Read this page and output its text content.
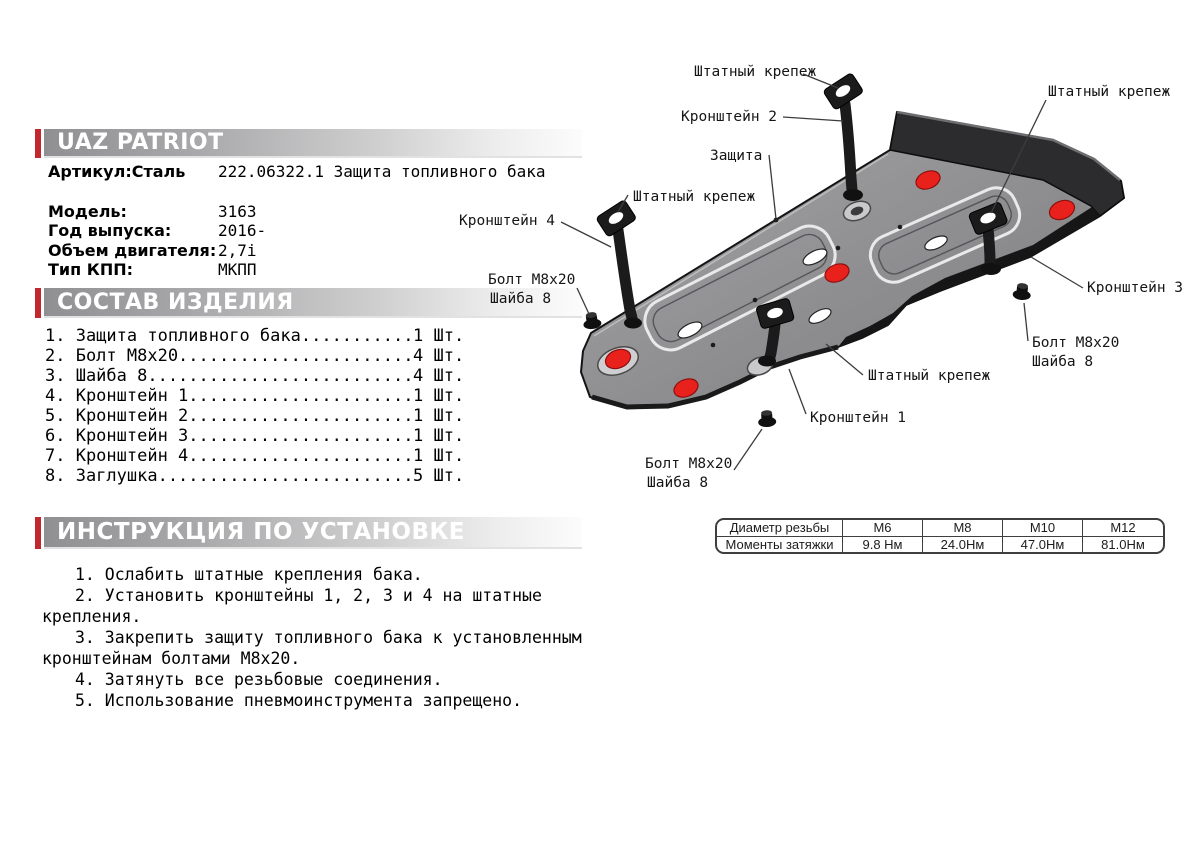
UAZ PATRIOT
Артикул:Сталь 222.06322.1 Защита топливного бака
Модель:	3163
Год выпуска:	2016-
Объем двигателя: 2,7i
Тип КПП:	МКПП
СОСТАВ ИЗДЕЛИЯ
1. Защита топливного бака........... 1 Шт.
2. Болт М8х20....................... 4 Шт.
3. Шайба 8.......................... 4 Шт.
4. Кронштейн 1...................... 1 Шт.
5. Кронштейн 2...................... 1 Шт.
6. Кронштейн 3...................... 1 Шт.
7. Кронштейн 4...................... 1 Шт.
8. Заглушка......................... 5 Шт.
ИНСТРУКЦИЯ ПО УСТАНОВКЕ
1. Ослабить штатные крепления бака.
2. Установить кронштейны 1, 2, 3 и 4 на штатные
крепления.
3. Закрепить защиту топливного бака к установленным
кронштейнам болтами М8х20.
4. Затянуть все резьбовые соединения.
5. Использование пневмоинструмента запрещено.
Диаметр резьбы	М6	М8	М10	М12
Моменты затяжки	9.8 Нм	24.0Нм	47.0Нм	81.0Нм
Штатный крепеж
Кронштейн 2
Защита
Штатный крепеж
Штатный крепеж
Кронштейн 4
Болт М8х20
Шайба 8
Кронштейн 3
Болт М8х20
Шайба 8
Штатный крепеж
Кронштейн 1
Болт М8х20
Шайба 8
